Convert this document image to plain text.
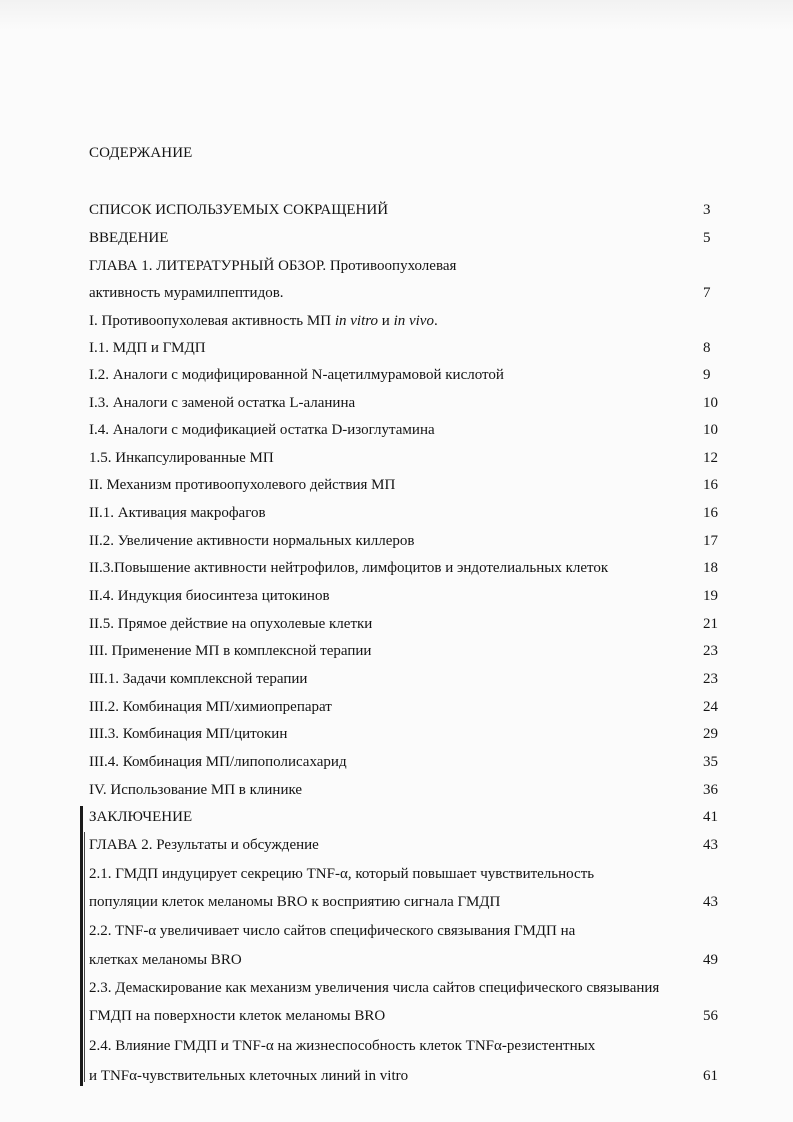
СОДЕРЖАНИЕ
СПИСОК ИСПОЛЬЗУЕМЫХ СОКРАЩЕНИЙ	3
ВВЕДЕНИЕ	5
ГЛАВА 1. ЛИТЕРАТУРНЫЙ ОБЗОР. Противоопухолевая
активность мурамилпептидов.	7
I. Противоопухолевая активность МП in vitro и in vivo.
I.1. МДП и ГМДП	8
I.2. Аналоги с модифицированной N-ацетилмурамовой кислотой	9
I.3. Аналоги с заменой остатка L-аланина	10
I.4. Аналоги с модификацией остатка D-изоглутамина	10
1.5. Инкапсулированные МП	12
II. Механизм противоопухолевого действия МП	16
II.1. Активация макрофагов	16
II.2. Увеличение активности нормальных киллеров	17
II.3.Повышение активности нейтрофилов, лимфоцитов и эндотелиальных клеток	18
II.4. Индукция биосинтеза цитокинов	19
II.5. Прямое действие на опухолевые клетки	21
III. Применение МП в комплексной терапии	23
III.1. Задачи комплексной терапии	23
III.2. Комбинация МП/химиопрепарат	24
III.3. Комбинация МП/цитокин	29
III.4. Комбинация МП/липополисахарид	35
IV. Использование МП в клинике	36
ЗАКЛЮЧЕНИЕ	41
ГЛАВА 2. Результаты и обсуждение	43
2.1. ГМДП индуцирует секрецию TNF-α, который повышает чувствительность
популяции клеток меланомы BRO к восприятию сигнала ГМДП	43
2.2. TNF-α увеличивает число сайтов специфического связывания ГМДП на
клетках меланомы BRO	49
2.3. Демаскирование как механизм увеличения числа сайтов специфического связывания
ГМДП на поверхности клеток меланомы BRO	56
2.4. Влияние ГМДП и TNF-α на жизнеспособность клеток TNFα-резистентных
и TNFα-чувствительных клеточных линий in vitro	61
